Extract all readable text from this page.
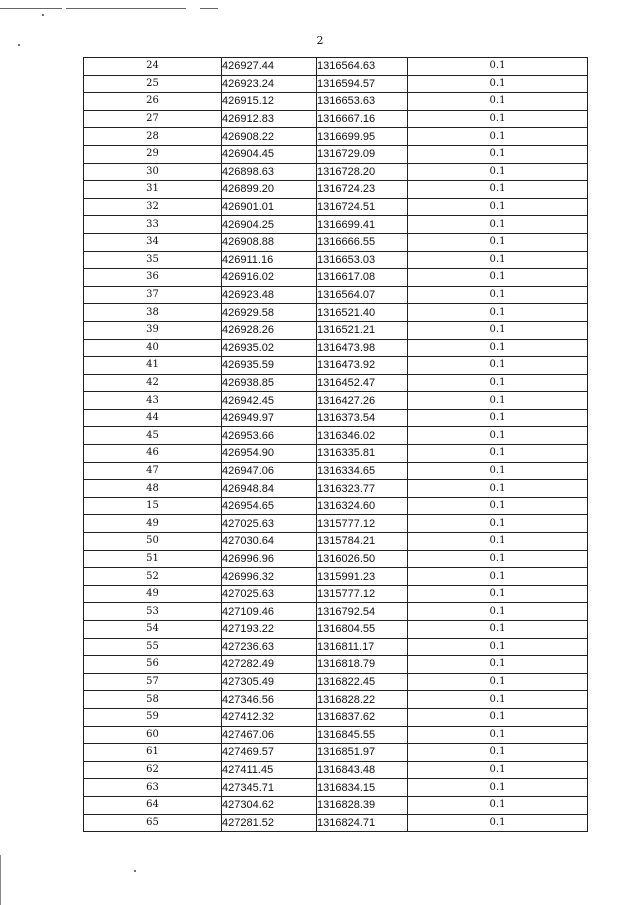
2
24	426927.44	1316564.63	0.1
25	426923.24	1316594.57	0.1
26	426915.12	1316653.63	0.1
27	426912.83	1316667.16	0.1
28	426908.22	1316699.95	0.1
29	426904.45	1316729.09	0.1
30	426898.63	1316728.20	0.1
31	426899.20	1316724.23	0.1
32	426901.01	1316724.51	0.1
33	426904.25	1316699.41	0.1
34	426908.88	1316666.55	0.1
35	426911.16	1316653.03	0.1
36	426916.02	1316617.08	0.1
37	426923.48	1316564.07	0.1
38	426929.58	1316521.40	0.1
39	426928.26	1316521.21	0.1
40	426935.02	1316473.98	0.1
41	426935.59	1316473.92	0.1
42	426938.85	1316452.47	0.1
43	426942.45	1316427.26	0.1
44	426949.97	1316373.54	0.1
45	426953.66	1316346.02	0.1
46	426954.90	1316335.81	0.1
47	426947.06	1316334.65	0.1
48	426948.84	1316323.77	0.1
15	426954.65	1316324.60	0.1
49	427025.63	1315777.12	0.1
50	427030.64	1315784.21	0.1
51	426996.96	1316026.50	0.1
52	426996.32	1315991.23	0.1
49	427025.63	1315777.12	0.1
53	427109.46	1316792.54	0.1
54	427193.22	1316804.55	0.1
55	427236.63	1316811.17	0.1
56	427282.49	1316818.79	0.1
57	427305.49	1316822.45	0.1
58	427346.56	1316828.22	0.1
59	427412.32	1316837.62	0.1
60	427467.06	1316845.55	0.1
61	427469.57	1316851.97	0.1
62	427411.45	1316843.48	0.1
63	427345.71	1316834.15	0.1
64	427304.62	1316828.39	0.1
65	427281.52	1316824.71	0.1
